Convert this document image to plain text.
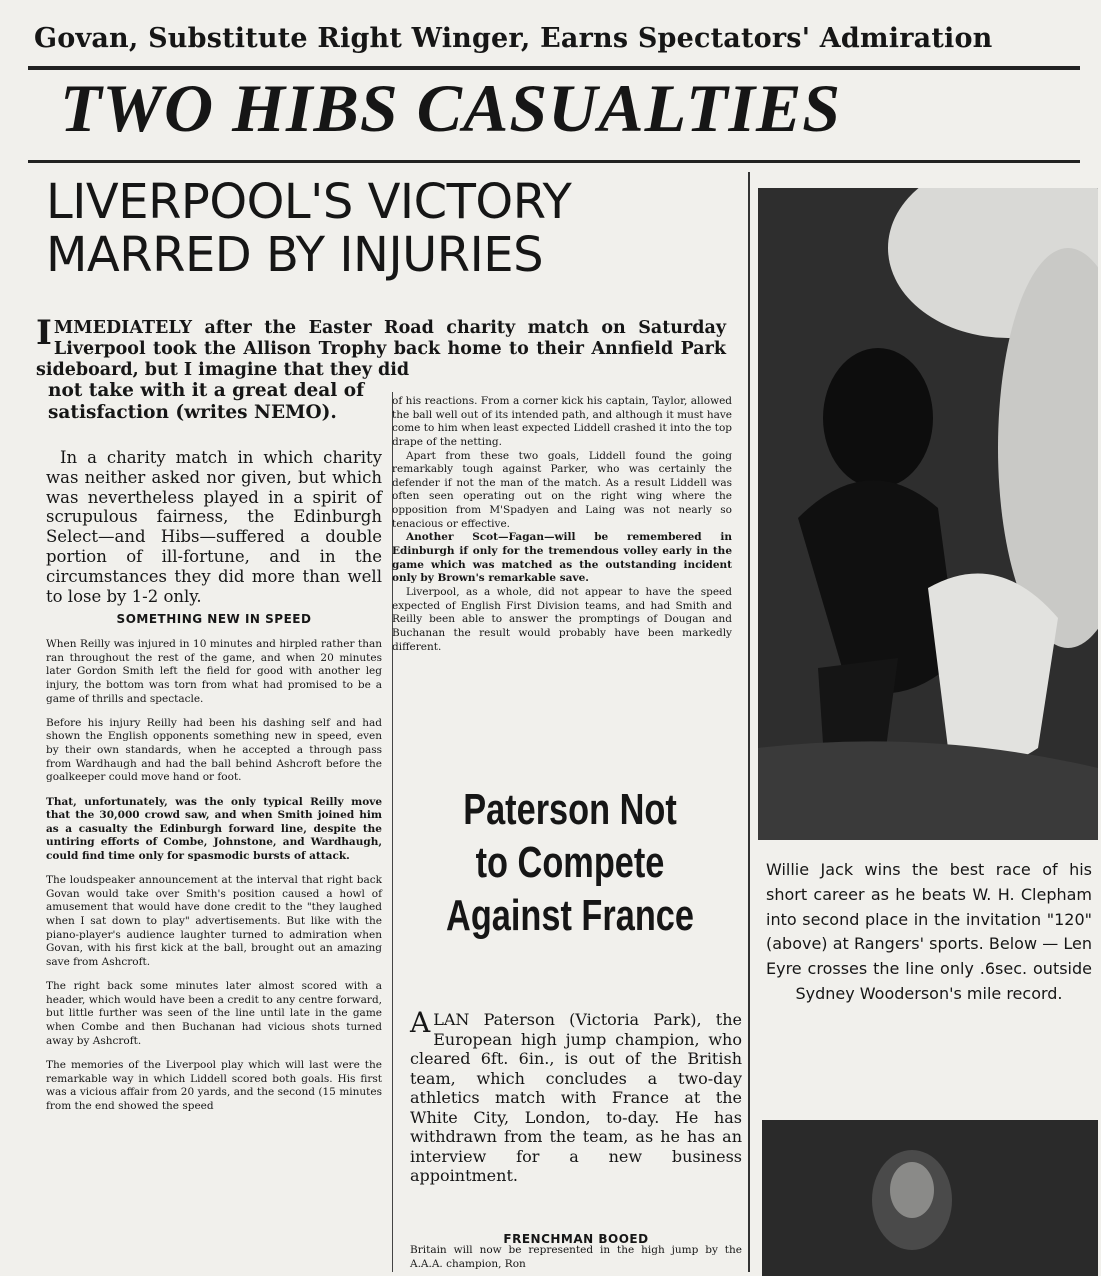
Govan, Substitute Right Winger, Earns Spectators' Admiration
TWO HIBS CASUALTIES
LIVERPOOL'S VICTORY
MARRED BY INJURIES
IMMEDIATELY after the Easter Road charity match on Saturday Liverpool took the Allison Trophy back home to their Annfield Park sideboard, but I imagine that they did
not take with it a great deal of satisfaction (writes NEMO).

In a charity match in which charity was neither asked nor given, but which was nevertheless played in a spirit of scrupulous fairness, the Edinburgh Select—and Hibs—suffered a double portion of ill-fortune, and in the circumstances they did more than well to lose by 1-2 only.

SOMETHING NEW IN SPEED

When Reilly was injured in 10 minutes and hirpled rather than ran throughout the rest of the game, and when 20 minutes later Gordon Smith left the field for good with another leg injury, the bottom was torn from what had promised to be a game of thrills and spectacle.

Before his injury Reilly had been his dashing self and had shown the English opponents something new in speed, even by their own standards, when he accepted a through pass from Wardhaugh and had the ball behind Ashcroft before the goalkeeper could move hand or foot.

That, unfortunately, was the only typical Reilly move that the 30,000 crowd saw, and when Smith joined him as a casualty the Edinburgh forward line, despite the untiring efforts of Combe, Johnstone, and Wardhaugh, could find time only for spasmodic bursts of attack.

The loudspeaker announcement at the interval that right back Govan would take over Smith's position caused a howl of amusement that would have done credit to the "they laughed when I sat down to play" advertisements. But like with the piano-player's audience laughter turned to admiration when Govan, with his first kick at the ball, brought out an amazing save from Ashcroft.

The right back some minutes later almost scored with a header, which would have been a credit to any centre forward, but little further was seen of the line until late in the game when Combe and then Buchanan had vicious shots turned away by Ashcroft.

The memories of the Liverpool play which will last were the remarkable way in which Liddell scored both goals. His first was a vicious affair from 20 yards, and the second (15 minutes from the end showed the speed

of his reactions. From a corner kick his captain, Taylor, allowed the ball well out of its intended path, and although it must have come to him when least expected Liddell crashed it into the top drape of the netting.

Apart from these two goals, Liddell found the going remarkably tough against Parker, who was certainly the defender if not the man of the match. As a result Liddell was often seen operating out on the right wing where the opposition from M'Spadyen and Laing was not nearly so tenacious or effective.

Another Scot—Fagan—will be remembered in Edinburgh if only for the tremendous volley early in the game which was matched as the outstanding incident only by Brown's remarkable save.

Liverpool, as a whole, did not appear to have the speed expected of English First Division teams, and had Smith and Reilly been able to answer the promptings of Dougan and Buchanan the result would probably have been markedly different.

Paterson Not
to Compete
Against France
ALAN Paterson (Victoria Park), the European high jump champion, who cleared 6ft. 6in., is out of the British team, which concludes a two-day athletics match with France at the White City, London, to-day. He has withdrawn from the team, as he has an interview for a new business appointment.
FRENCHMAN BOOED
Britain will now be represented in the high jump by the A.A.A. champion, Ron
Willie Jack wins the best race of his short career as he beats W. H. Clepham into second place in the invitation "120" (above) at Rangers' sports. Below — Len Eyre crosses the line only .6sec. outside Sydney Wooderson's mile record.
